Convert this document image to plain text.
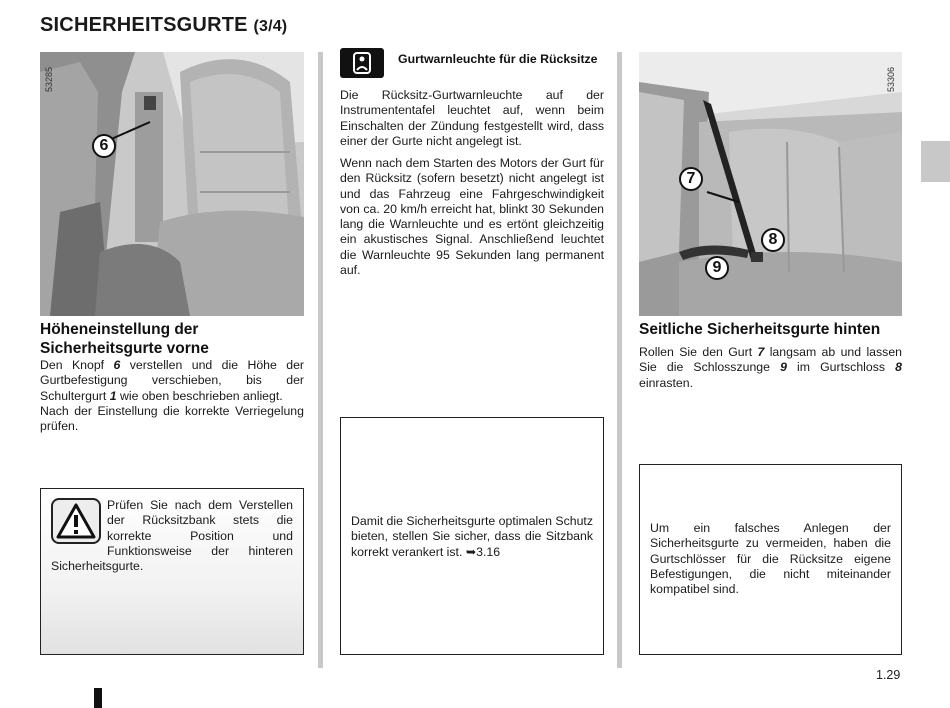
SICHERHEITSGURTE (3/4)
6
53285
Höheneinstellung der Sicherheitsgurte vorne
Den Knopf 6 verstellen und die Höhe der Gurtbefestigung verschieben, bis der Schultergurt 1 wie oben beschrieben anliegt.
Nach der Einstellung die korrekte Verriegelung prüfen.
Prüfen Sie nach dem Verstellen der Rücksitzbank stets die korrekte Position und Funktionsweise der hinteren Sicherheitsgurte.
Gurtwarnleuchte für die Rücksitze
Die Rücksitz-Gurtwarnleuchte auf der Instrumententafel leuchtet auf, wenn beim Einschalten der Zündung festgestellt wird, dass einer der Gurte nicht angelegt ist.
Wenn nach dem Starten des Motors der Gurt für den Rücksitz (sofern besetzt) nicht angelegt ist und das Fahrzeug eine Fahrgeschwindigkeit von ca. 20 km/h erreicht hat, blinkt 30 Sekunden lang die Warnleuchte und es ertönt gleichzeitig ein akustisches Signal. Anschließend leuchtet die Warnleuchte 95 Sekunden lang permanent auf.
Damit die Sicherheitsgurte optimalen Schutz bieten, stellen Sie sicher, dass die Sitzbank korrekt verankert ist. ➥3.16
7
8
9
53306
Seitliche Sicherheitsgurte hinten
Rollen Sie den Gurt 7 langsam ab und lassen Sie die Schlosszunge 9 im Gurtschloss 8 einrasten.
Um ein falsches Anlegen der Sicherheitsgurte zu vermeiden, haben die Gurtschlösser für die Rücksitze eigene Befestigungen, die nicht miteinander kompatibel sind.
1.29
